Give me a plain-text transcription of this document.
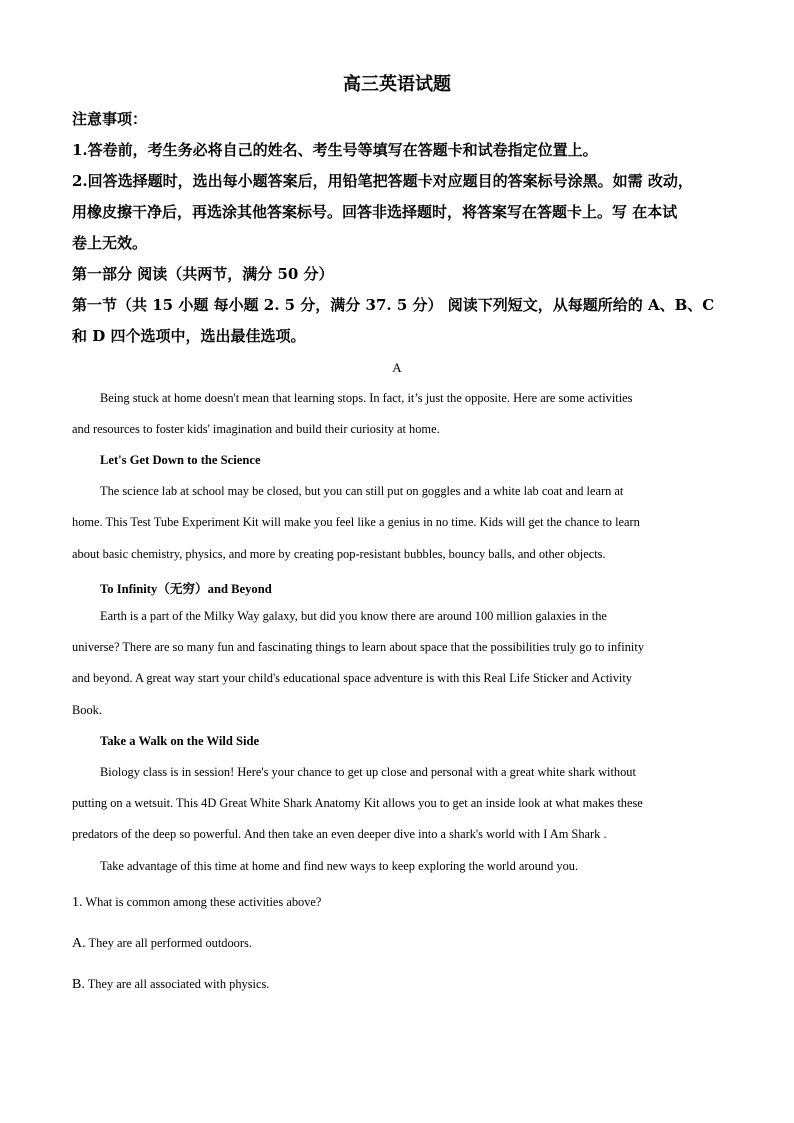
高三英语试题
注意事项：
1.答卷前，考生务必将自己的姓名、考生号等填写在答题卡和试卷指定位置上。
2.回答选择题时，选出每小题答案后，用铅笔把答题卡对应题目的答案标号涂黑。如需 改动，
用橡皮擦干净后，再选涂其他答案标号。回答非选择题时，将答案写在答题卡上。写 在本试
卷上无效。
第一部分 阅读（共两节，满分 50 分）
第一节（共 15 小题 每小题 2. 5 分，满分 37. 5 分） 阅读下列短文，从每题所给的 A、B、C
和 D 四个选项中，选出最佳选项。
A
Being stuck at home doesn't mean that learning stops. In fact, it’s just the opposite. Here are some activities
and resources to foster kids' imagination and build their curiosity at home.
Let's Get Down to the Science
The science lab at school may be closed, but you can still put on goggles and a white lab coat and learn at
home. This Test Tube Experiment Kit will make you feel like a genius in no time. Kids will get the chance to learn
about basic chemistry, physics, and more by creating pop-resistant bubbles, bouncy balls, and other objects.
To Infinity（无穷）and Beyond
Earth is a part of the Milky Way galaxy, but did you know there are around 100 million galaxies in the
universe? There are so many fun and fascinating things to learn about space that the possibilities truly go to infinity
and beyond. A great way start your child's educational space adventure is with this Real Life Sticker and Activity
Book.
Take a Walk on the Wild Side
Biology class is in session! Here's your chance to get up close and personal with a great white shark without
putting on a wetsuit. This 4D Great White Shark Anatomy Kit allows you to get an inside look at what makes these
predators of the deep so powerful. And then take an even deeper dive into a shark's world with I Am Shark .
Take advantage of this time at home and find new ways to keep exploring the world around you.
1. What is common among these activities above?
A. They are all performed outdoors.
B. They are all associated with physics.
